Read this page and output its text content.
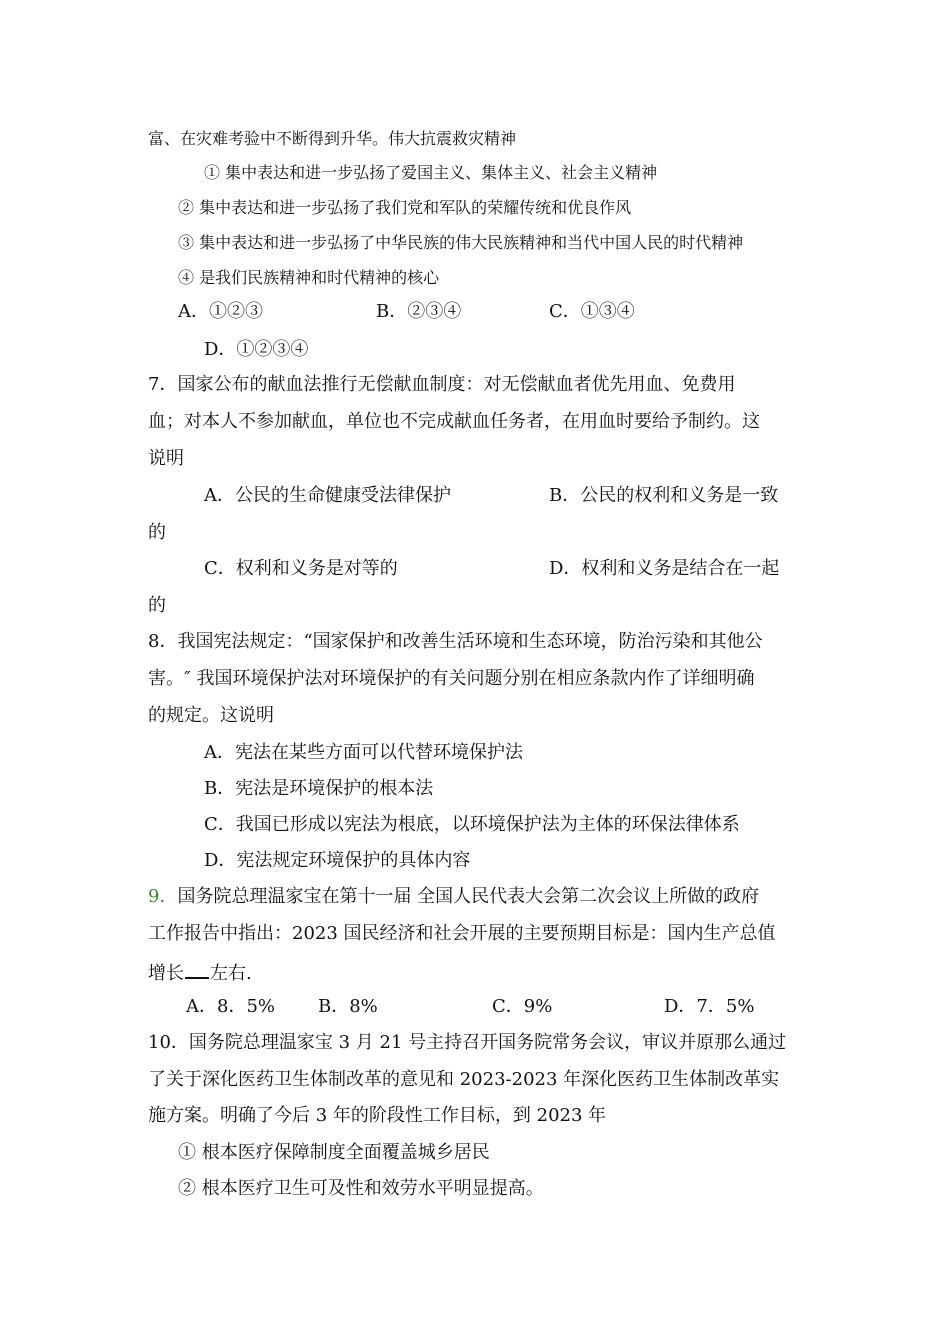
富、在灾难考验中不断得到升华。伟大抗震救灾精神
① 集中表达和进一步弘扬了爱国主义、集体主义、社会主义精神
② 集中表达和进一步弘扬了我们党和军队的荣耀传统和优良作风
③ 集中表达和进一步弘扬了中华民族的伟大民族精神和当代中国人民的时代精神
④ 是我们民族精神和时代精神的核心
A．①②③	B．②③④	C．①③④
D．①②③④
7．国家公布的献血法推行无偿献血制度：对无偿献血者优先用血、免费用
血；对本人不参加献血，单位也不完成献血任务者，在用血时要给予制约。这
说明
A．公民的生命健康受法律保护	B．公民的权利和义务是一致
的
C．权利和义务是对等的	D．权利和义务是结合在一起
的
8．我国宪法规定：“国家保护和改善生活环境和生态环境，防治污染和其他公
害。″ 我国环境保护法对环境保护的有关问题分别在相应条款内作了详细明确
的规定。这说明
A．宪法在某些方面可以代替环境保护法
B．宪法是环境保护的根本法
C．我国已形成以宪法为根底，以环境保护法为主体的环保法律体系
D．宪法规定环境保护的具体内容
9．国务院总理温家宝在第十一届 全国人民代表大会第二次会议上所做的政府
工作报告中指出：2023 国民经济和社会开展的主要预期目标是：国内生产总值
增长 左右.
A．8．5% B．8%	C．9%	D．7．5%
10．国务院总理温家宝 3 月 21 号主持召开国务院常务会议，审议并原那么通过
了关于深化医药卫生体制改革的意见和 2023-2023 年深化医药卫生体制改革实
施方案。明确了今后 3 年的阶段性工作目标，到 2023 年
① 根本医疗保障制度全面覆盖城乡居民
② 根本医疗卫生可及性和效劳水平明显提高。
